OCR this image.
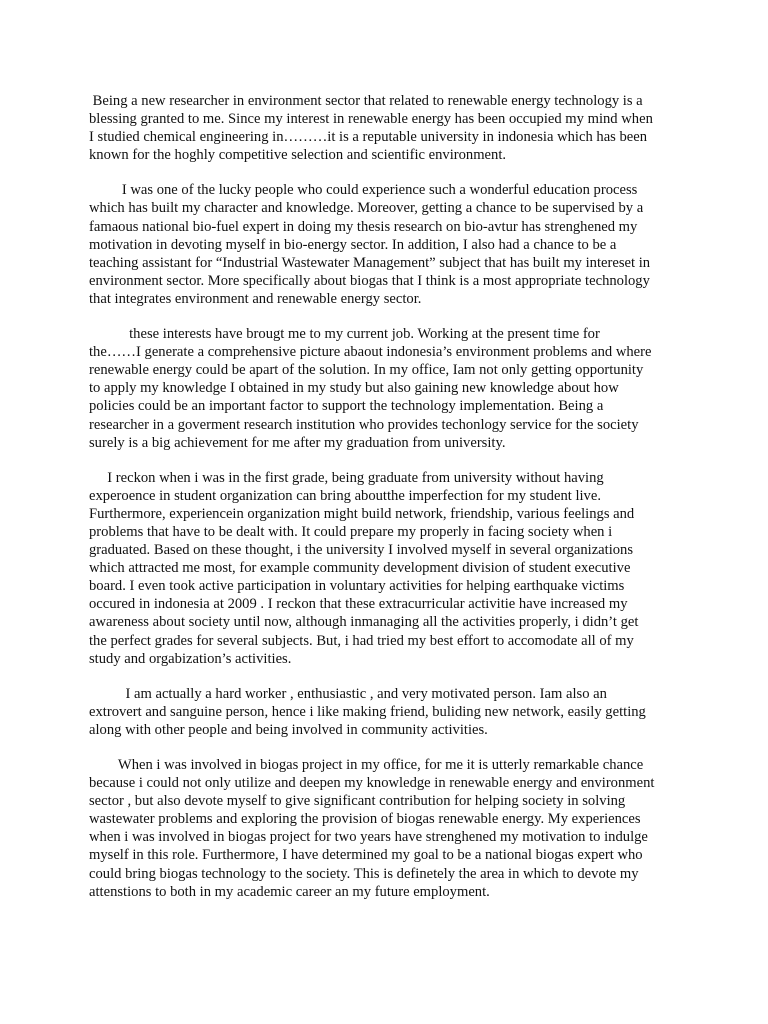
Being a new researcher in environment sector that related to renewable energy technology is a
blessing granted to me. Since my interest in renewable energy has been occupied my mind when
I studied chemical engineering in………it is a reputable university in indonesia which has been
known for the hoghly competitive selection and scientific environment.
I was one of the lucky people who could experience such a wonderful education process
which has built my character and knowledge. Moreover, getting a chance to be supervised by a
famaous national bio-fuel expert in doing my thesis research on bio-avtur has strenghened my
motivation in devoting myself in bio-energy sector. In addition, I also had a chance to be a
teaching assistant for “Industrial Wastewater Management” subject that has built my intereset in
environment sector. More specifically about biogas that I think is a most appropriate technology
that integrates environment and renewable energy sector.
these interests have brougt me to my current job. Working at the present time for
the……I generate a comprehensive picture abaout indonesia’s environment problems and where
renewable energy could be apart of the solution. In my office, Iam not only getting opportunity
to apply my knowledge I obtained in my study but also gaining new knowledge about how
policies could be an important factor to support the technology implementation. Being a
researcher in a goverment research institution who provides techonlogy service for the society
surely is a big achievement for me after my graduation from university.
I reckon when i was in the first grade, being graduate from university without having
experoence in student organization can bring aboutthe imperfection for my student live.
Furthermore, experiencein organization might build network, friendship, various feelings and
problems that have to be dealt with. It could prepare my properly in facing society when i
graduated. Based on these thought, i the university I involved myself in several organizations
which attracted me most, for example community development division of student executive
board. I even took active participation in voluntary activities for helping earthquake victims
occured in indonesia at 2009 . I reckon that these extracurricular activitie have increased my
awareness about society until now, although inmanaging all the activities properly, i didn’t get
the perfect grades for several subjects. But, i had tried my best effort to accomodate all of my
study and orgabization’s activities.
I am actually a hard worker , enthusiastic , and very motivated person. Iam also an
extrovert and sanguine person, hence i like making friend, buliding new network, easily getting
along with other people and being involved in community activities.
When i was involved in biogas project in my office, for me it is utterly remarkable chance
because i could not only utilize and deepen my knowledge in renewable energy and environment
sector , but also devote myself to give significant contribution for helping society in solving
wastewater problems and exploring the provision of biogas renewable energy. My experiences
when i was involved in biogas project for two years have strenghened my motivation to indulge
myself in this role. Furthermore, I have determined my goal to be a national biogas expert who
could bring biogas technology to the society. This is definetely the area in which to devote my
attenstions to both in my academic career an my future employment.
